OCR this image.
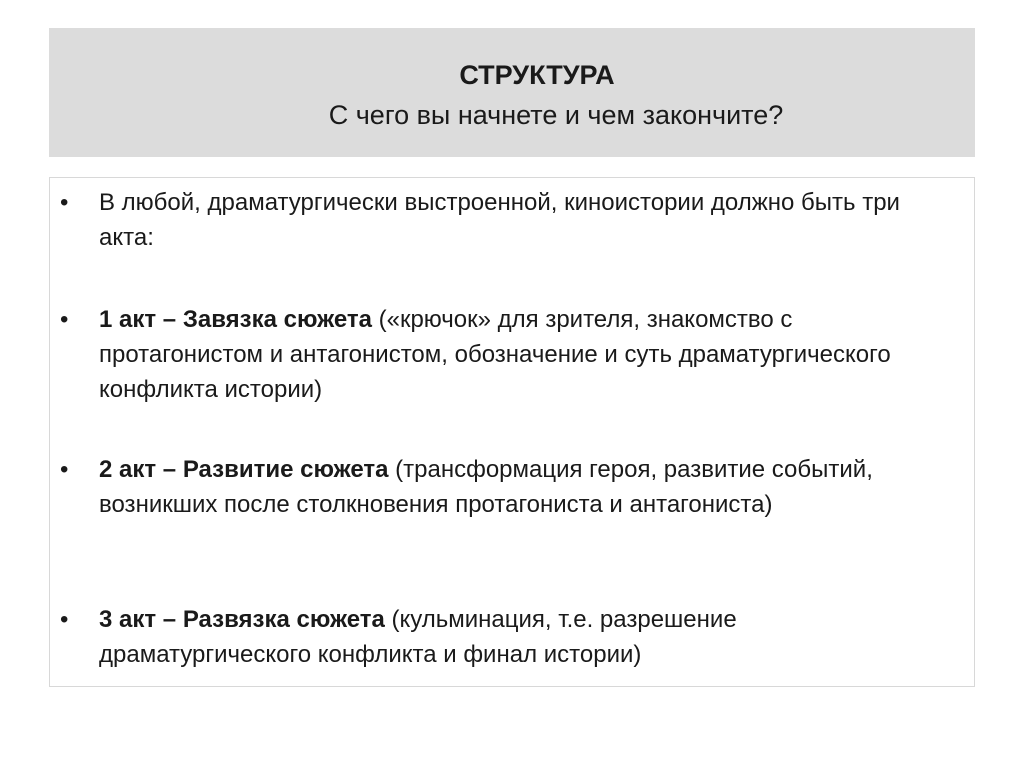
СТРУКТУРА
С чего вы начнете и чем закончите?
• В любой, драматургически выстроенной, киноистории должно быть три акта:
• 1 акт – Завязка сюжета («крючок» для зрителя, знакомство с протагонистом и антагонистом, обозначение и суть драматургического конфликта истории)
• 2 акт – Развитие сюжета (трансформация героя, развитие событий, возникших после столкновения протагониста и антагониста)
• 3 акт – Развязка сюжета (кульминация, т.е. разрешение драматургического конфликта и финал истории)
